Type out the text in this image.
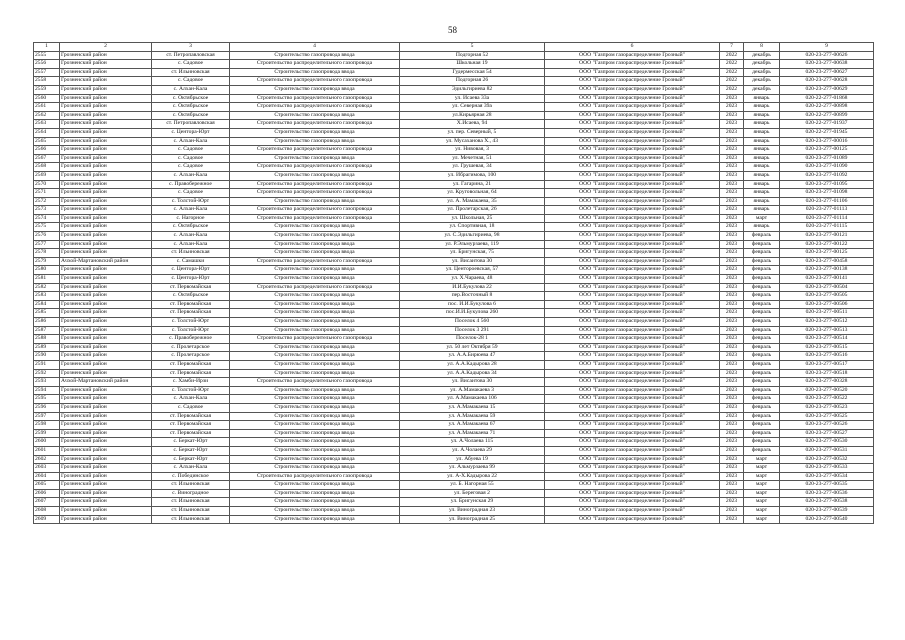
58
1	2	3	4	5	6	7	8	9
2555	Грозненский район	ст. Петропавловская	Строительство газопровода ввода	Подгорная 52	ООО "Газпром газораспределение Грозный"	2022	декабрь	020-23-277-00626
2556	Грозненский район	с. Садовое	Строительство распределительного газопровода	Школьная 19	ООО "Газпром газораспределение Грозный"	2022	декабрь	020-23-277-00638
2557	Грозненский район	ст. Ильиновская	Строительство газопровода ввода	Гудермесская 54	ООО "Газпром газораспределение Грозный"	2022	декабрь	020-23-277-00627
2558	Грозненский район	с. Садовое	Строительство распределительного газопровода	Подгорная 26	ООО "Газпром газораспределение Грозный"	2022	декабрь	020-23-277-00628
2559	Грозненский район	с. Алхан-Кала	Строительство газопровода ввода	Эдильгириева 82	ООО "Газпром газораспределение Грозный"	2022	декабрь	020-23-277-00629
2560	Грозненский район	с. Октябрьское	Строительство распределительного газопровода	ул. Исаева 33а	ООО "Газпром газораспределение Грозный"	2023	январь	020-22-277-01868
2561	Грозненский район	с. Октябрьское	Строительство распределительного газопровода	ул. Северная 39а	ООО "Газпром газораспределение Грозный"	2023	январь	020-22-277-00898
2562	Грозненский район	с. Октябрьское	Строительство газопровода ввода	ул.Кирьярная 28	ООО "Газпром газораспределение Грозный"	2023	январь	020-22-277-00899
2563	Грозненский район	ст. Петропавловская	Строительство распределительного газопровода	Х.Исаева, 94	ООО "Газпром газораспределение Грозный"	2023	январь	020-22-277-01937
2564	Грозненский район	с. Центора-Юрт	Строительство газопровода ввода	ул. пер. Северный, 5	ООО "Газпром газораспределение Грозный"	2023	январь	020-22-277-01945
2565	Грозненский район	с. Алхан-Кала	Строительство газопровода ввода	ул. Мусаханова Х., 43	ООО "Газпром газораспределение Грозный"	2023	январь	020-23-277-00016
2566	Грозненский район	с. Садовое	Строительство распределительного газопровода	ул. Нивовая, 3	ООО "Газпром газораспределение Грозный"	2023	январь	020-23-277-00125
2567	Грозненский район	с. Садовое	Строительство газопровода ввода	ул. Мечетная, 51	ООО "Газпром газораспределение Грозный"	2023	январь	020-23-277-01089
2568	Грозненский район	с. Садовое	Строительство распределительного газопровода	ул. Грушевая, 34	ООО "Газпром газораспределение Грозный"	2023	январь	020-23-277-01090
2569	Грозненский район	с. Алхан-Кала	Строительство газопровода ввода	ул. Ибрагимова, 100	ООО "Газпром газораспределение Грозный"	2023	январь	020-23-277-01092
2570	Грозненский район	с. Правобережное	Строительство распределительного газопровода	ул. Гагарина, 21	ООО "Газпром газораспределение Грозный"	2023	январь	020-23-277-01095
2571	Грозненский район	с. Садовое	Строительство распределительного газопровода	ул. Круговольная, 64	ООО "Газпром газораспределение Грозный"	2023	январь	020-23-277-01098
2572	Грозненский район	с. Толстой-Юрт	Строительство газопровода ввода	ул. А. Мамакаева, 35	ООО "Газпром газораспределение Грозный"	2023	январь	020-23-277-01106
2573	Грозненский район	с. Алхан-Кала	Строительство распределительного газопровода	ул. Пролетарская, 26	ООО "Газпром газораспределение Грозный"	2023	январь	020-23-277-01113
2574	Грозненский район	с. Нагорное	Строительство распределительного газопровода	ул. Школьная, 25	ООО "Газпром газораспределение Грозный"	2023	март	020-23-277-01114
2575	Грозненский район	с. Октябрьское	Строительство газопровода ввода	ул. Спортивная, 18	ООО "Газпром газораспределение Грозный"	2023	январь	020-23-277-01115
2576	Грозненский район	с. Алхан-Кала	Строительство газопровода ввода	ул. С.Эдильгириева, 98	ООО "Газпром газораспределение Грозный"	2023	февраль	020-23-277-00121
2577	Грозненский район	с. Алхан-Кала	Строительство газопровода ввода	ул. Р.Эльмурзаева, 119	ООО "Газпром газораспределение Грозный"	2023	февраль	020-23-277-00122
2578	Грозненский район	ст. Ильиновская	Строительство газопровода ввода	ул. Бригунская, 75	ООО "Газпром газораспределение Грозный"	2023	февраль	020-23-277-00125
2579	Ачхой-Мартановский район	с. Самашки	Строительство распределительного газопровода	ул. Висаитова 30	ООО "Газпром газораспределение Грозный"	2023	февраль	020-23-277-00458
2580	Грозненский район	с. Центора-Юрт	Строительство газопровода ввода	ул. Центороевская, 57	ООО "Газпром газораспределение Грозный"	2023	февраль	020-23-277-00138
2581	Грозненский район	с. Центора-Юрт	Строительство газопровода ввода	ул. Х.Чараева, 48	ООО "Газпром газораспределение Грозный"	2023	февраль	020-23-277-00141
2582	Грозненский район	ст. Первомайская	Строительство распределительного газопровода	И.И.Букулова 22	ООО "Газпром газораспределение Грозный"	2023	февраль	020-23-277-00504
2583	Грозненский район	с. Октябрьское	Строительство газопровода ввода	пер.Восточный 8	ООО "Газпром газораспределение Грозный"	2023	февраль	020-23-277-00505
2584	Грозненский район	ст. Первомайская	Строительство газопровода ввода	пос. И.И.Букулова 6	ООО "Газпром газораспределение Грозный"	2023	февраль	020-23-277-00506
2585	Грозненский район	ст. Первомайская	Строительство газопровода ввода	пос.И.И.Букулова 260	ООО "Газпром газораспределение Грозный"	2023	февраль	020-23-277-00511
2586	Грозненский район	с. Толстой-Юрт	Строительство газопровода ввода	Поселок 4 560	ООО "Газпром газораспределение Грозный"	2023	февраль	020-23-277-00512
2587	Грозненский район	с. Толстой-Юрт	Строительство газопровода ввода	Поселок 3 291	ООО "Газпром газораспределение Грозный"	2023	февраль	020-23-277-00513
2588	Грозненский район	с. Правобережное	Строительство распределительного газопровода	Поселок-28 1	ООО "Газпром газораспределение Грозный"	2023	февраль	020-23-277-00514
2589	Грозненский район	с. Пролетарское	Строительство газопровода ввода	ул. 50 лет Октября 59	ООО "Газпром газораспределение Грозный"	2023	февраль	020-23-277-00515
2590	Грозненский район	с. Пролетарское	Строительство газопровода ввода	ул. А.А.Бирюева 47	ООО "Газпром газораспределение Грозный"	2023	февраль	020-23-277-00516
2591	Грозненский район	ст. Первомайская	Строительство газопровода ввода	ул. А.А.Кадырова 28	ООО "Газпром газораспределение Грозный"	2023	февраль	020-23-277-00517
2592	Грозненский район	ст. Первомайская	Строительство газопровода ввода	ул. А.А.Кадырова 34	ООО "Газпром газораспределение Грозный"	2023	февраль	020-23-277-00518
2593	Ачхой-Мартановский район	с. Хамби-Ирзи	Строительство распределительного газопровода	ул. Висаитова 30	ООО "Газпром газораспределение Грозный"	2023	февраль	020-23-277-00328
2594	Грозненский район	с. Толстой-Юрт	Строительство газопровода ввода	ул. А.Мамакаева 3	ООО "Газпром газораспределение Грозный"	2023	февраль	020-23-277-00520
2595	Грозненский район	с. Алхан-Кала	Строительство газопровода ввода	ул. А.Мамакаева 106	ООО "Газпром газораспределение Грозный"	2023	февраль	020-23-277-00522
2596	Грозненский район	с. Садовое	Строительство газопровода ввода	ул. А.Мамакаева 15	ООО "Газпром газораспределение Грозный"	2023	февраль	020-23-277-00523
2597	Грозненский район	ст. Первомайская	Строительство газопровода ввода	ул. А.Мамакаева 59	ООО "Газпром газораспределение Грозный"	2023	февраль	020-23-277-00525
2598	Грозненский район	ст. Первомайская	Строительство газопровода ввода	ул. А.Мамакаева 67	ООО "Газпром газораспределение Грозный"	2023	февраль	020-23-277-00526
2599	Грозненский район	ст. Первомайская	Строительство газопровода ввода	ул. А.Мамакаева 71	ООО "Газпром газораспределение Грозный"	2023	февраль	020-23-277-00527
2600	Грозненский район	с. Беркат-Юрт	Строительство газопровода ввода	ул. А.Чолаева 115	ООО "Газпром газораспределение Грозный"	2023	февраль	020-23-277-00530
2601	Грозненский район	с. Беркат-Юрт	Строительство газопровода ввода	ул. А.Чолаева 29	ООО "Газпром газораспределение Грозный"	2023	февраль	020-23-277-00531
2602	Грозненский район	с. Беркат-Юрт	Строительство газопровода ввода	ул. Абуева 19	ООО "Газпром газораспределение Грозный"	2023	март	020-23-277-00532
2603	Грозненский район	с. Алхан-Кала	Строительство газопровода ввода	ул. Альмурзаева 99	ООО "Газпром газораспределение Грозный"	2023	март	020-23-277-00533
2604	Грозненский район	с. Побединское	Строительство распределительного газопровода	ул. А-Х.Кадырова 22	ООО "Газпром газораспределение Грозный"	2023	март	020-23-277-00534
2605	Грозненский район	ст. Ильиновская	Строительство газопровода ввода	ул. Б. Нагорная 55	ООО "Газпром газораспределение Грозный"	2023	март	020-23-277-00535
2606	Грозненский район	с. Виноградное	Строительство газопровода ввода	ул. Береговая 2	ООО "Газпром газораспределение Грозный"	2023	март	020-23-277-00536
2607	Грозненский район	ст. Ильиновская	Строительство газопровода ввода	ул. Бригунская 29	ООО "Газпром газораспределение Грозный"	2023	март	020-23-277-00538
2608	Грозненский район	ст. Ильиновская	Строительство газопровода ввода	ул. Виноградная 23	ООО "Газпром газораспределение Грозный"	2023	март	020-23-277-00539
2609	Грозненский район	ст. Ильиновская	Строительство газопровода ввода	ул. Виноградная 25	ООО "Газпром газораспределение Грозный"	2023	март	020-23-277-00540
